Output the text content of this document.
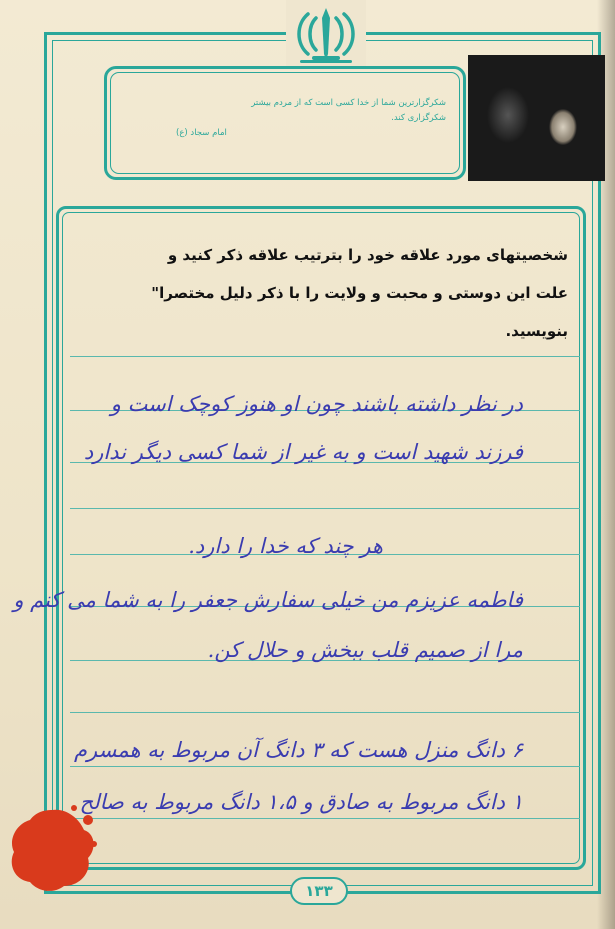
شکرگزارترین شما از خدا کسی است که از مردم بیشتر
شکرگزاری کند.
امام سجاد (ع)
شخصیتهای مورد علاقه خود را بترتیب علاقه ذکر کنید و
علت این دوستی و محبت و ولایت را با ذکر دلیل مختصرا"
بنویسید.
در نظر داشته باشند چون او هنوز کوچک است و
فرزند شهید است و به غیر از شما کسی دیگر ندارد
هر چند که خدا را دارد.
فاطمه عزیزم من خیلی سفارش جعفر را به شما می کنم و
مرا از صمیم قلب ببخش و حلال کن.
۶ دانگ منزل هست که ۳ دانگ آن مربوط به همسرم
۱ دانگ مربوط به صادق و ۱،۵ دانگ مربوط به صالح
۱۳۳
